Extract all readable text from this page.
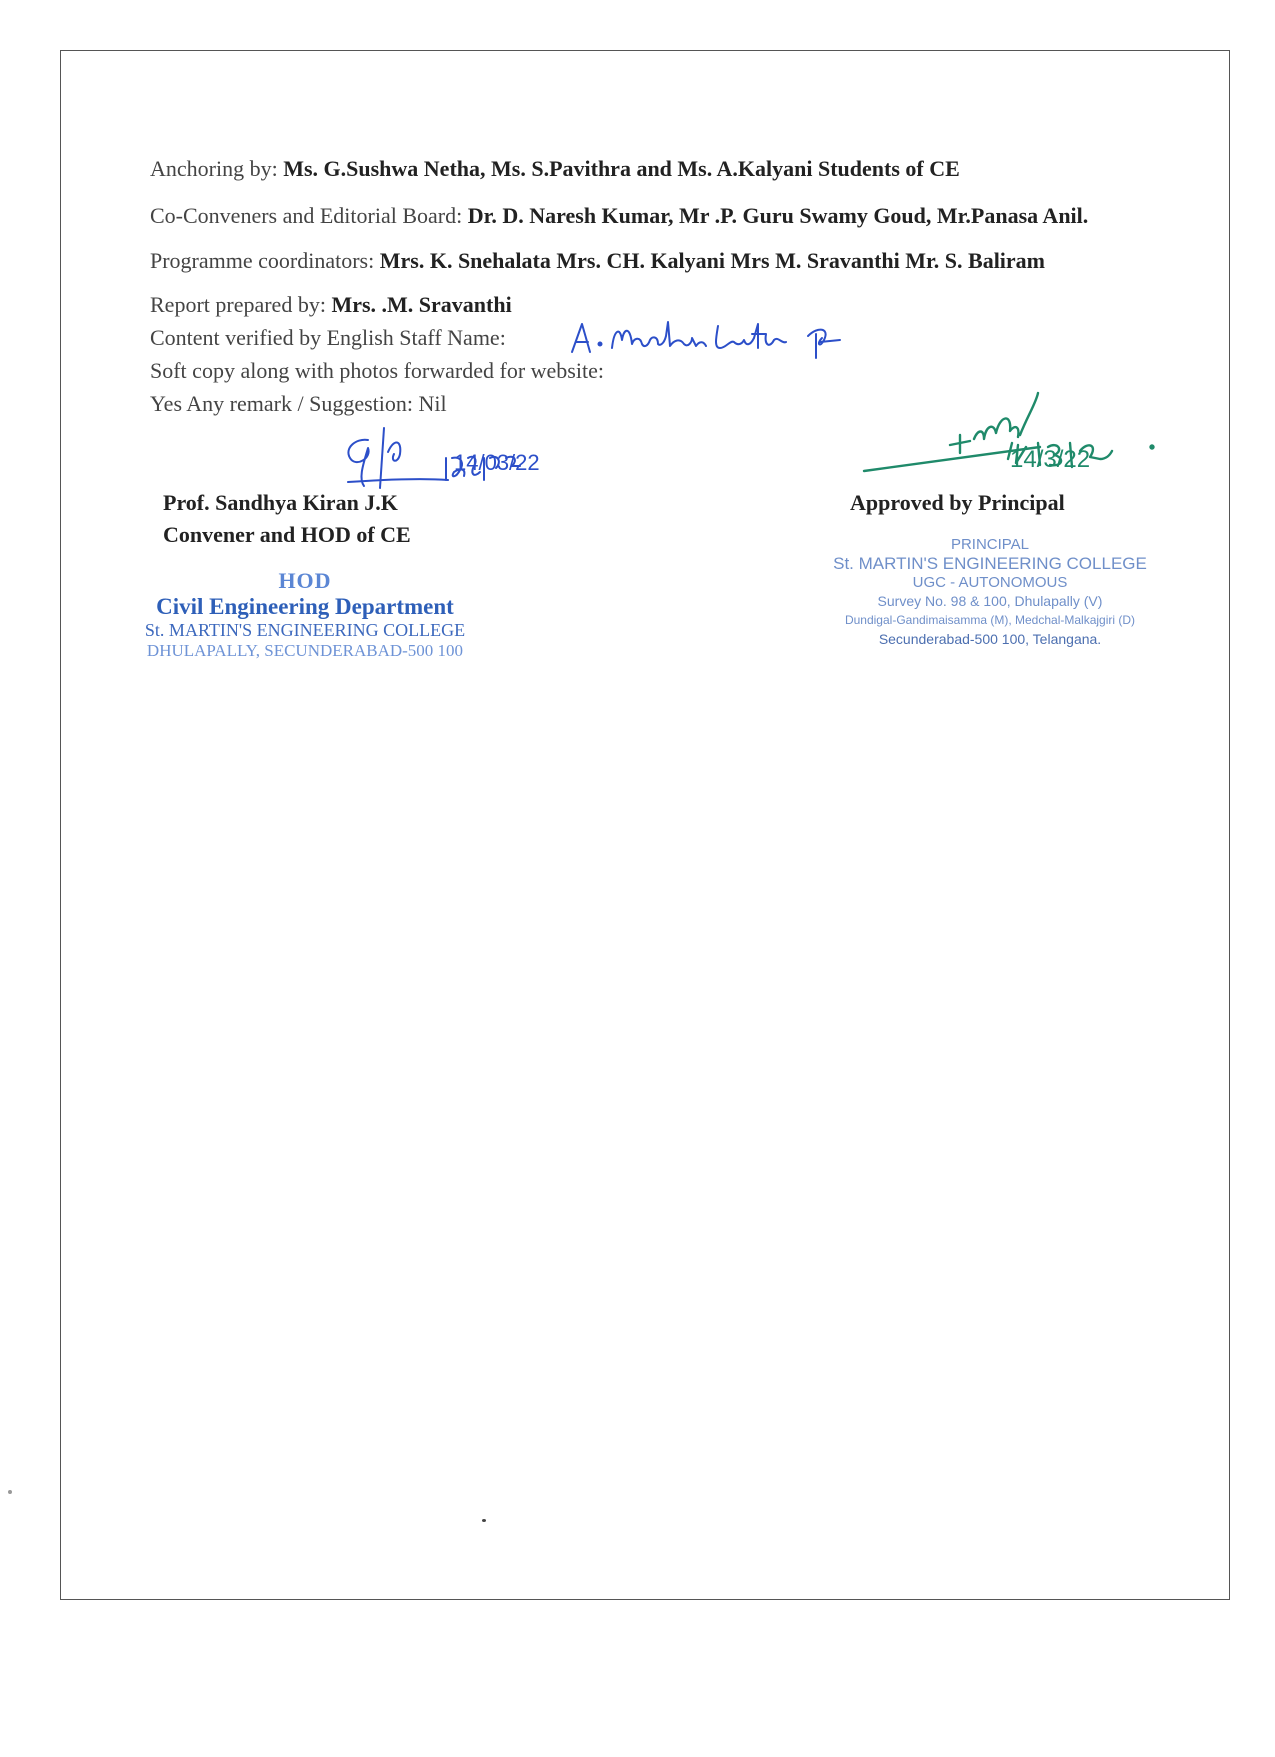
Anchoring by: Ms. G.Sushwa Netha, Ms. S.Pavithra and Ms. A.Kalyani Students of CE
Co-Conveners and Editorial Board: Dr. D. Naresh Kumar, Mr .P. Guru Swamy Goud, Mr.Panasa Anil.
Programme coordinators: Mrs. K. Snehalata Mrs. CH. Kalyani Mrs M. Sravanthi Mr. S. Baliram
Report prepared by: Mrs. .M. Sravanthi
Content verified by English Staff Name:
Soft copy along with photos forwarded for website:
Yes Any remark / Suggestion: Nil
14/03/22
Prof. Sandhya Kiran J.K
Convener and HOD of CE
HOD
Civil Engineering Department
St. MARTIN'S ENGINEERING COLLEGE
DHULAPALLY, SECUNDERABAD-500 100
14/3/22
Approved by Principal
PRINCIPAL
St. MARTIN'S ENGINEERING COLLEGE
UGC - AUTONOMOUS
Survey No. 98 & 100, Dhulapally (V)
Dundigal-Gandimaisamma (M), Medchal-Malkajgiri (D)
Secunderabad-500 100, Telangana.
